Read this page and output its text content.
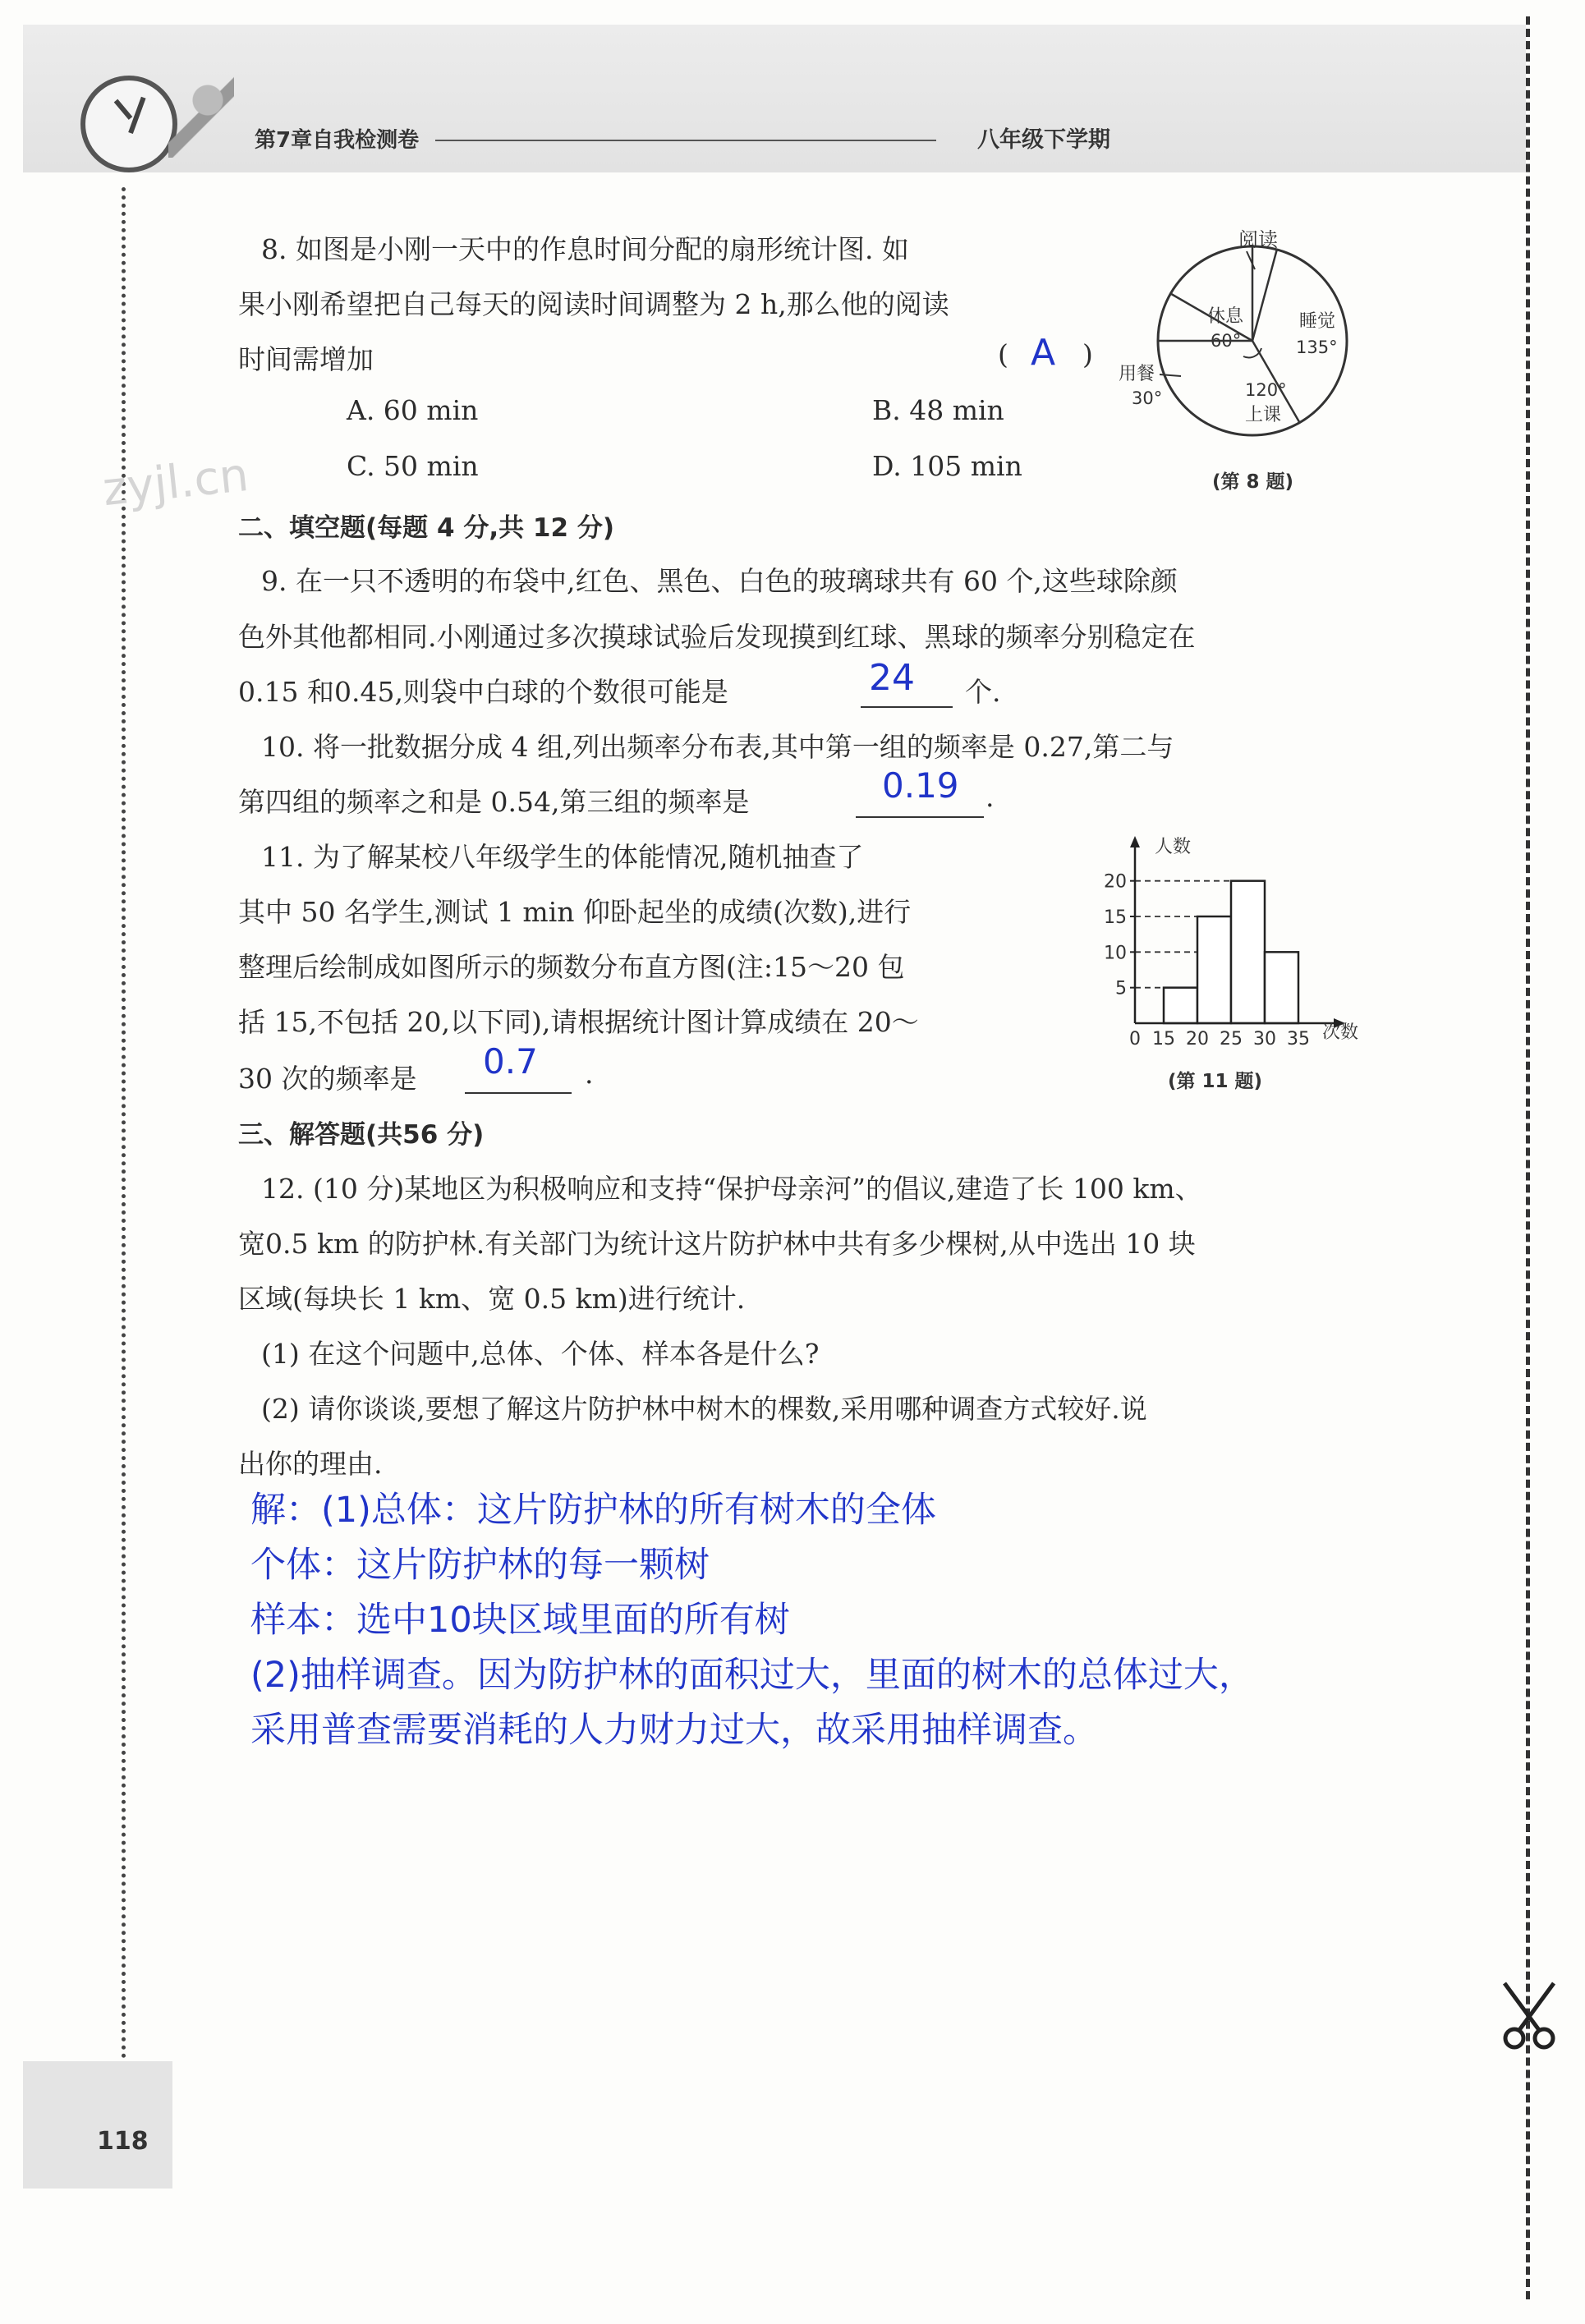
第7章自我检测卷	八年级下学期
zyjl.cn
8. 如图是小刚一天中的作息时间分配的扇形统计图. 如
果小刚希望把自己每天的阅读时间调整为 2 h,那么他的阅读
时间需增加	( A )
A. 60 min	B. 48 min
C. 50 min	D. 105 min
阅读
休息
60°
睡觉
135°
用餐
30°	120°
上课
(第 8 题)
二、填空题(每题 4 分,共 12 分)
9. 在一只不透明的布袋中,红色、黑色、白色的玻璃球共有 60 个,这些球除颜
色外其他都相同.小刚通过多次摸球试验后发现摸到红球、黑球的频率分别稳定在
0.15 和0.45,则袋中白球的个数很可能是	24 个.
10. 将一批数据分成 4 组,列出频率分布表,其中第一组的频率是 0.27,第二与
第四组的频率之和是 0.54,第三组的频率是	0.19 .
11. 为了解某校八年级学生的体能情况,随机抽查了
其中 50 名学生,测试 1 min 仰卧起坐的成绩(次数),进行
整理后绘制成如图所示的频数分布直方图(注:15～20 包
括 15,不包括 20,以下同),请根据统计图计算成绩在 20～
30 次的频率是 0.7 .
人数
次数
5
10
15
20
0 15 20 25 30 35
(第 11 题)
三、解答题(共56 分)
12. (10 分)某地区为积极响应和支持“保护母亲河”的倡议,建造了长 100 km、
宽0.5 km 的防护林.有关部门为统计这片防护林中共有多少棵树,从中选出 10 块
区域(每块长 1 km、宽 0.5 km)进行统计.
(1) 在这个问题中,总体、个体、样本各是什么?
(2) 请你谈谈,要想了解这片防护林中树木的棵数,采用哪种调查方式较好.说
出你的理由.
解：(1)总体：这片防护林的所有树木的全体
个体：这片防护林的每一颗树
样本：选中10块区域里面的所有树
(2)抽样调查。因为防护林的面积过大，里面的树木的总体过大，
采用普查需要消耗的人力财力过大，故采用抽样调查。
118
